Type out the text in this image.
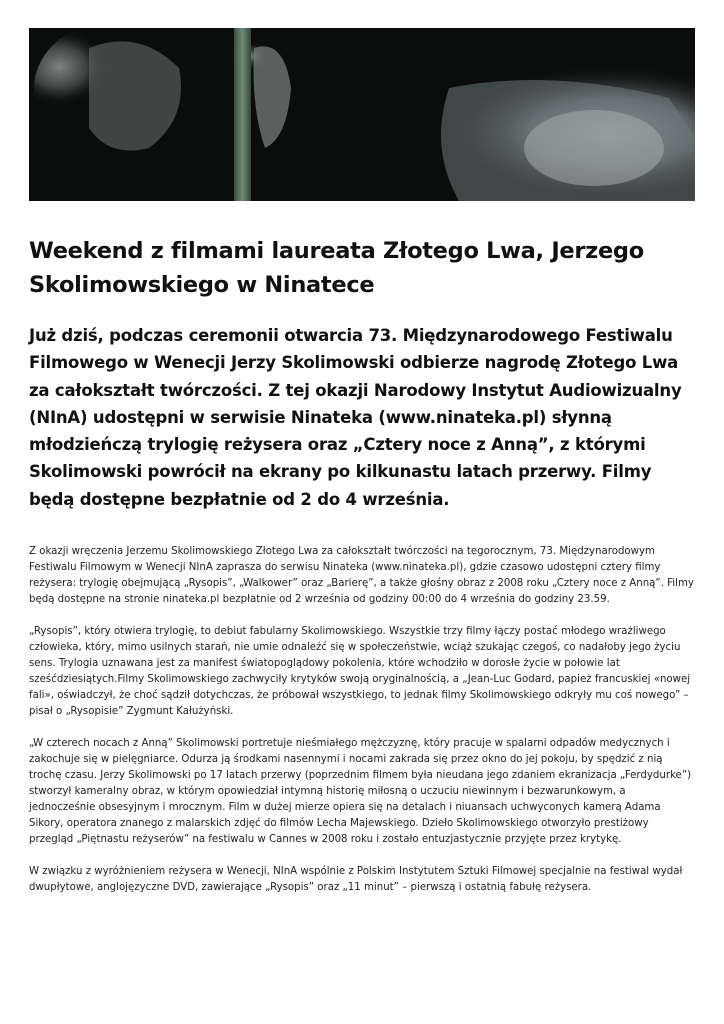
Weekend z filmami laureata Złotego Lwa, Jerzego Skolimowskiego w Ninatece

Już dziś, podczas ceremonii otwarcia 73. Międzynarodowego Festiwalu Filmowego w Wenecji Jerzy Skolimowski odbierze nagrodę Złotego Lwa za całokształt twórczości. Z tej okazji Narodowy Instytut Audiowizualny (NInA) udostępni w serwisie Ninateka (www.ninateka.pl) słynną młodzieńczą trylogię reżysera oraz „Cztery noce z Anną”, z którymi Skolimowski powrócił na ekrany po kilkunastu latach przerwy. Filmy będą dostępne bezpłatnie od 2 do 4 września.

Z okazji wręczenia Jerzemu Skolimowskiego Złotego Lwa za całokształt twórczości na tegorocznym, 73. Międzynarodowym Festiwalu Filmowym w Wenecji NInA zaprasza do serwisu Ninateka (www.ninateka.pl), gdzie czasowo udostępni cztery filmy reżysera: trylogię obejmującą „Rysopis”, „Walkower” oraz „Barierę”, a także głośny obraz z 2008 roku „Cztery noce z Anną”. Filmy będą dostępne na stronie ninateka.pl bezpłatnie od 2 września od godziny 00:00 do 4 września do godziny 23.59.

„Rysopis”, który otwiera trylogię, to debiut fabularny Skolimowskiego. Wszystkie trzy filmy łączy postać młodego wrażliwego człowieka, który, mimo usilnych starań, nie umie odnaleźć się w społeczeństwie, wciąż szukając czegoś, co nadałoby jego życiu sens. Trylogia uznawana jest za manifest światopoglądowy pokolenia, które wchodziło w dorosłe życie w połowie lat sześćdziesiątych.Filmy Skolimowskiego zachwyciły krytyków swoją oryginalnością, a „Jean-Luc Godard, papież francuskiej «nowej fali», oświadczył, że choć sądził dotychczas, że próbował wszystkiego, to jednak filmy Skolimowskiego odkryły mu coś nowego” – pisał o „Rysopisie” Zygmunt Kałużyński.

„W czterech nocach z Anną” Skolimowski portretuje nieśmiałego mężczyznę, który pracuje w spalarni odpadów medycznych i zakochuje się w pielęgniarce. Odurza ją środkami nasennymi i nocami zakrada się przez okno do jej pokoju, by spędzić z nią trochę czasu. Jerzy Skolimowski po 17 latach przerwy (poprzednim filmem była nieudana jego zdaniem ekranizacja „Ferdydurke”) stworzył kameralny obraz, w którym opowiedział intymną historię miłosną o uczuciu niewinnym i bezwarunkowym, a jednocześnie obsesyjnym i mrocznym. Film w dużej mierze opiera się na detalach i niuansach uchwyconych kamerą Adama Sikory, operatora znanego z malarskich zdjęć do filmów Lecha Majewskiego. Dzieło Skolimowskiego otworzyło prestiżowy przegląd „Piętnastu reżyserów” na festiwalu w Cannes w 2008 roku i zostało entuzjastycznie przyjęte przez krytykę.

W związku z wyróżnieniem reżysera w Wenecji, NInA wspólnie z Polskim Instytutem Sztuki Filmowej specjalnie na festiwal wydał dwupłytowe, anglojęzyczne DVD, zawierające „Rysopis” oraz „11 minut” – pierwszą i ostatnią fabułę reżysera.
